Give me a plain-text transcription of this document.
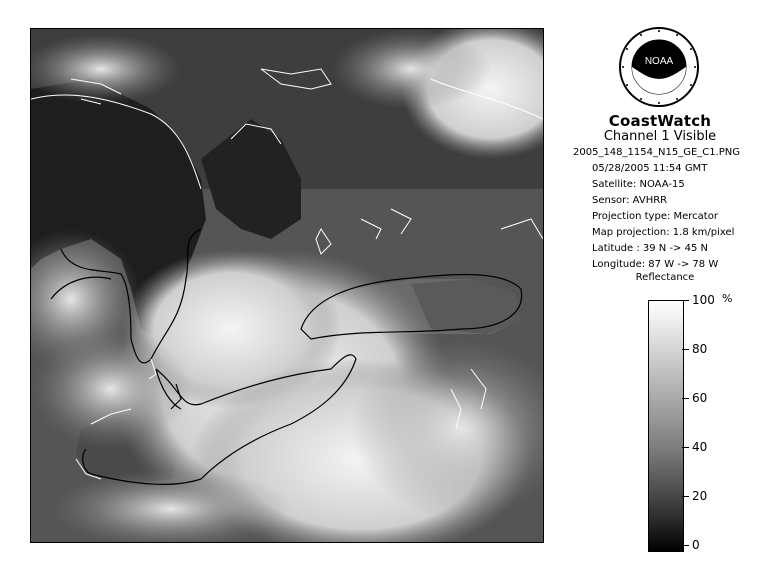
NOAA
CoastWatch
Channel 1 Visible
2005_148_1154_N15_GE_C1.PNG
05/28/2005 11:54 GMT
Satellite: NOAA-15
Sensor: AVHRR
Projection type: Mercator
Map projection: 1.8 km/pixel
Latitude : 39 N -> 45 N
Longitude: 87 W -> 78 W
Reflectance
%
100
80
60
40
20
0
